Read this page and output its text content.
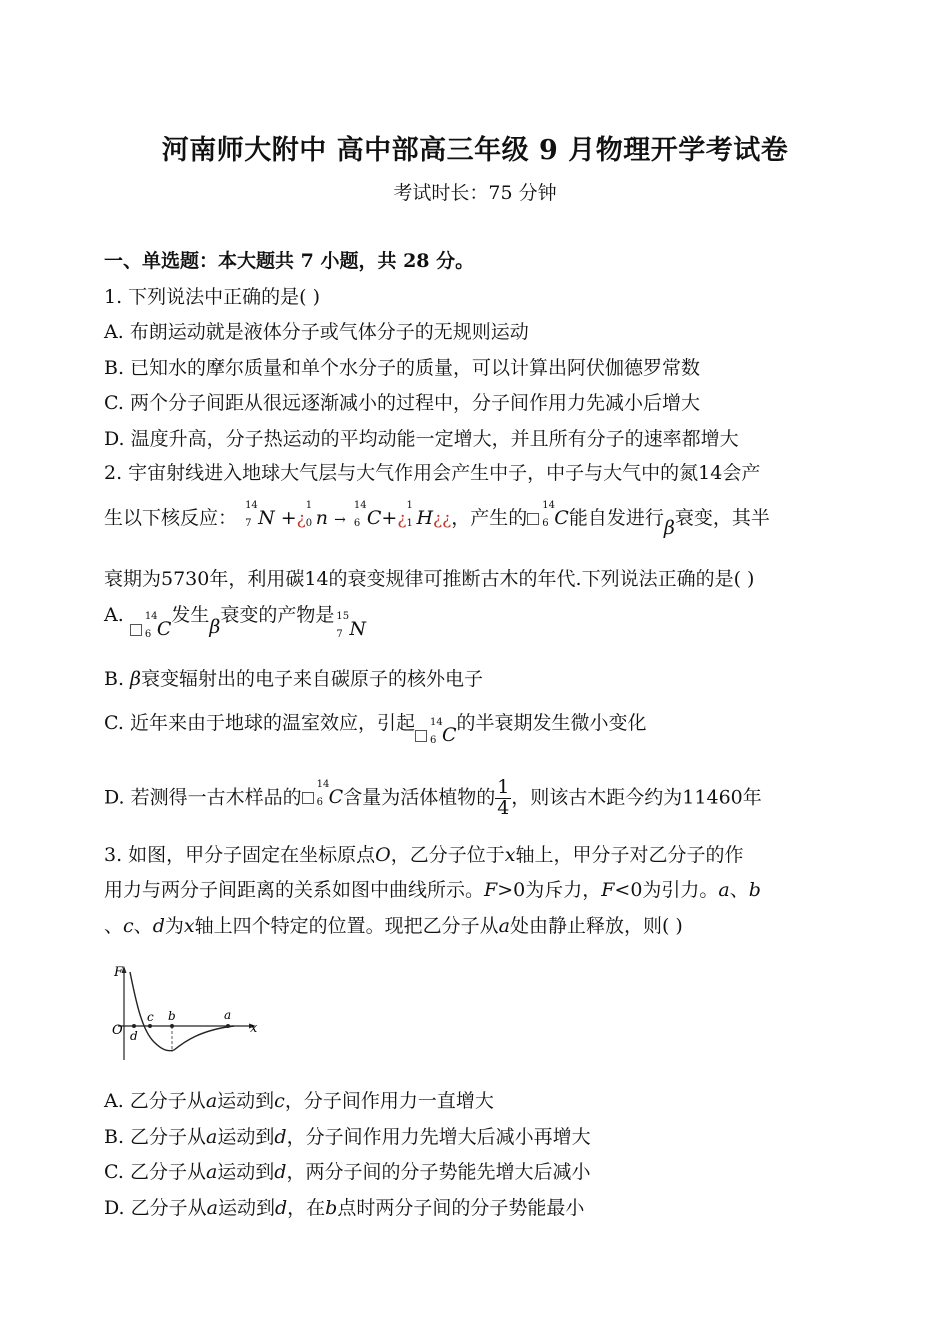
河南师大附中 高中部高三年级 9 月物理开学考试卷
考试时长：75 分钟
一、单选题：本大题共 7 小题，共 28 分。
1. 下列说法中正确的是( )
A. 布朗运动就是液体分子或气体分子的无规则运动
B. 已知水的摩尔质量和单个水分子的质量，可以计算出阿伏伽德罗常数
C. 两个分子间距从很远逐渐减小的过程中，分子间作用力先减小后增大
D. 温度升高，分子热运动的平均动能一定增大，并且所有分子的速率都增大
2. 宇宙射线进入地球大气层与大气作用会产生中子，中子与大气中的氮14会产
生以下核反应：
14
7 N +¿
1
0 n →
14
6 C+¿
1
1 H¿¿，产生的
14
6 C能自发进行β衰变，其半
衰期为5730年，利用碳14的衰变规律可推断古木的年代.下列说法正确的是( )
A. 14
6 C发生β衰变的产物是 15
7 N
B. β衰变辐射出的电子来自碳原子的核外电子
C. 近年来由于地球的温室效应，引起 14
6 C的半衰期发生微小变化
D. 若测得一古木样品的
14
6 C含量为活体植物的 $\frac{1}{4}$ ，则该古木距今约为11460年
3. 如图，甲分子固定在坐标原点O，乙分子位于x轴上，甲分子对乙分子的作
用力与两分子间距离的关系如图中曲线所示。F>0为斥力，F<0为引力。a、b
、c、d为x轴上四个特定的位置。现把乙分子从a处由静止释放，则( )
F
x
O d
c b	a
A. 乙分子从a运动到c，分子间作用力一直增大
B. 乙分子从a运动到d，分子间作用力先增大后减小再增大
C. 乙分子从a运动到d，两分子间的分子势能先增大后减小
D. 乙分子从a运动到d，在b点时两分子间的分子势能最小
